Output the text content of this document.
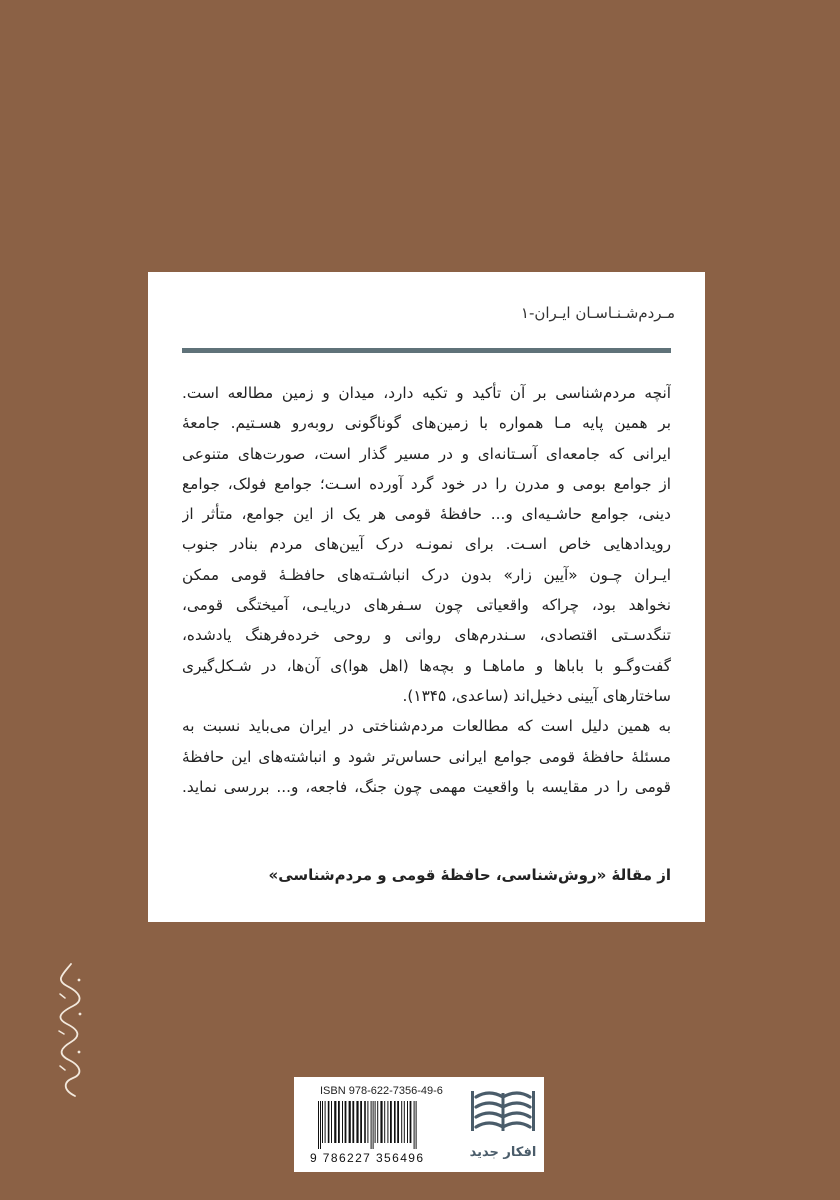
مـردم‌شـنـاسـان ایـران-۱
آنچه مردم‌شناسی بر آن تأکید و تکیه دارد، میدان و زمین مطالعه است.
بر همین پایه مـا همواره با زمین‌های گوناگونی روبه‌رو هسـتیم. جامعهٔ
ایرانی که جامعه‌ای آسـتانه‌ای و در مسیر گذار است، صورت‌های متنوعی
از جوامع بومی و مدرن را در خود گرد آورده اسـت؛ جوامع فولک، جوامع
دینی، جوامع حاشـیه‌ای و... حافظهٔ قومی هر یک از این جوامع، متأثر از
رویدادهایی خاص اسـت. برای نمونـه درک آیین‌های مردم بنادر جنوب
ایـران چـون «آیین زار» بدون درک انباشـته‌های حافظـهٔ قومی ممکن
نخواهد بود، چراکه واقعیاتی چون سـفرهای دریایـی، آمیختگی قومی،
تنگدسـتی اقتصادی، سـندرم‌های روانی و روحی خرده‌فرهنگ یادشده،
گفت‌وگـو با بابا‌ها و ماماهـا و بچه‌ها (اهل هوا)ی آن‌ها، در شـکل‌گیری
ساختارهای آیینی دخیل‌اند (ساعدی، ۱۳۴۵).
به همین دلیل است که مطالعات مردم‌شناختی در ایران می‌باید نسبت به
مسئلهٔ حافظهٔ قومی جوامع ایرانی حساس‌تر شود و انباشته‌های این حافظهٔ
قومی را در مقایسه با واقعیت مهمی چون جنگ، فاجعه، و... بررسی نماید.
از مقالهٔ «روش‌شناسی، حافظهٔ قومی و مردم‌شناسی»
ISBN 978-622-7356-49-6
9 786227 356496	افکار جدید
